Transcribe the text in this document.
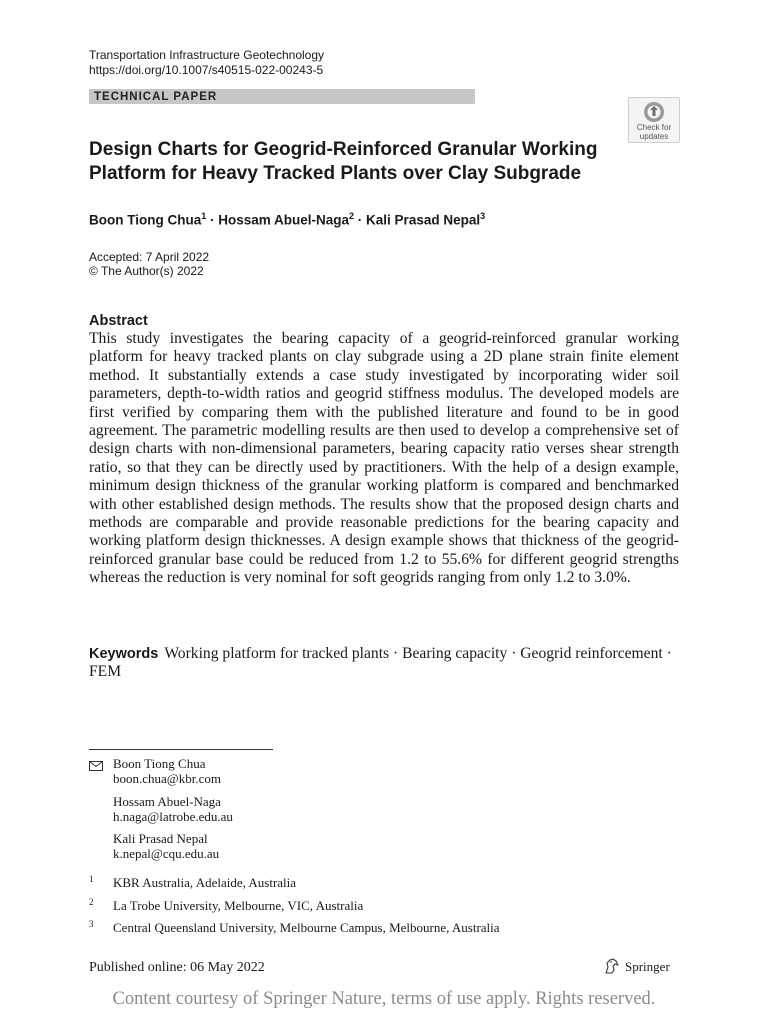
Transportation Infrastructure Geotechnology
https://doi.org/10.1007/s40515-022-00243-5
TECHNICAL PAPER
Check for updates
Design Charts for Geogrid-Reinforced Granular Working Platform for Heavy Tracked Plants over Clay Subgrade
Boon Tiong Chua$^1$ · Hossam Abuel-Naga$^2$ · Kali Prasad Nepal$^3$
Accepted: 7 April 2022
© The Author(s) 2022
Abstract
This study investigates the bearing capacity of a geogrid-reinforced granular working platform for heavy tracked plants on clay subgrade using a 2D plane strain finite element method. It substantially extends a case study investigated by incorporating wider soil parameters, depth-to-width ratios and geogrid stiffness modulus. The developed models are first verified by comparing them with the published literature and found to be in good agreement. The parametric modelling results are then used to develop a comprehensive set of design charts with non-dimensional parameters, bearing capacity ratio verses shear strength ratio, so that they can be directly used by practitioners. With the help of a design example, minimum design thickness of the granular working platform is compared and benchmarked with other established design methods. The results show that the proposed design charts and methods are comparable and provide reasonable predictions for the bearing capacity and working platform design thicknesses. A design example shows that thickness of the geogrid-reinforced granular base could be reduced from 1.2 to 55.6% for different geogrid strengths whereas the reduction is very nominal for soft geogrids ranging from only 1.2 to 3.0%.
Keywords Working platform for tracked plants · Bearing capacity · Geogrid reinforcement · FEM
Boon Tiong Chua
boon.chua@kbr.com
Hossam Abuel-Naga
h.naga@latrobe.edu.au
Kali Prasad Nepal
k.nepal@cqu.edu.au
1 KBR Australia, Adelaide, Australia
2 La Trobe University, Melbourne, VIC, Australia
3 Central Queensland University, Melbourne Campus, Melbourne, Australia
Published online: 06 May 2022	Springer
Content courtesy of Springer Nature, terms of use apply. Rights reserved.
